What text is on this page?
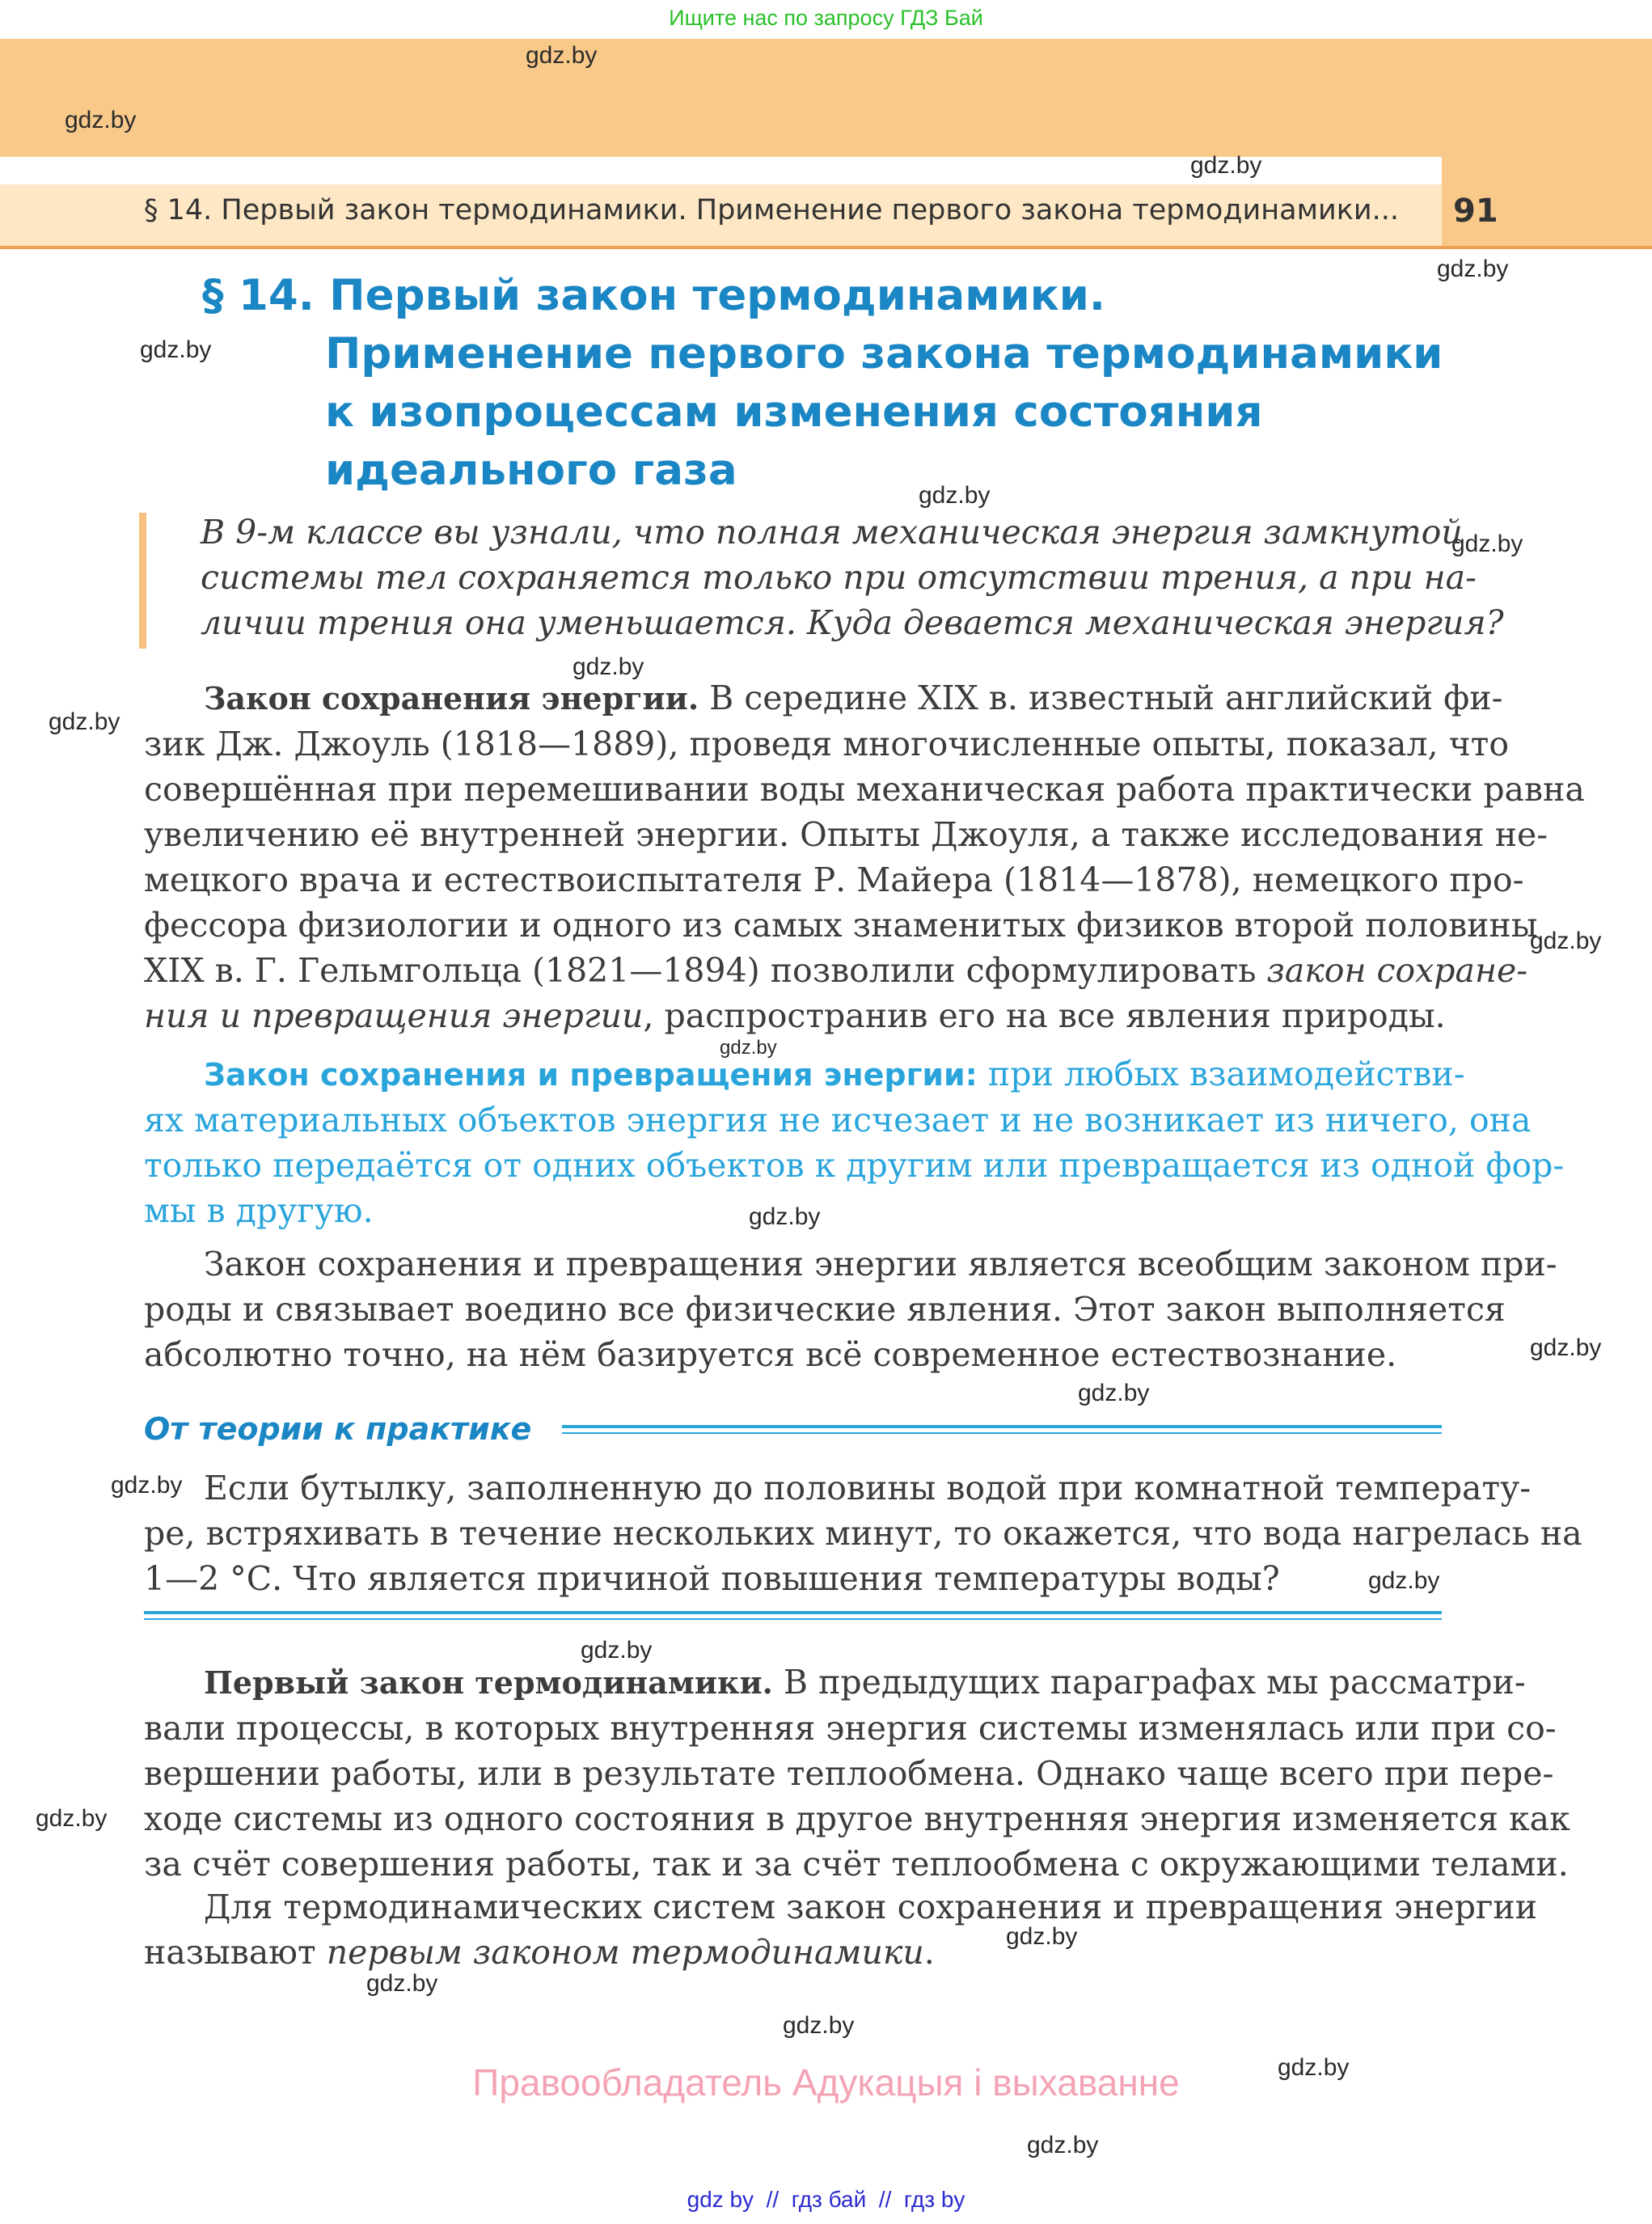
Ищите нас по запросу ГДЗ Бай
§ 14. Первый закон термодинамики. Применение первого закона термодинамики...	91
gdz.by
gdz.by
gdz.by
gdz.by
gdz.by
gdz.by
gdz.by
gdz.by
gdz.by
gdz.by
gdz.by
gdz.by
gdz.by
gdz.by
gdz.by
gdz.by
gdz.by
gdz.by
gdz.by
gdz.by
gdz.by
gdz.by
gdz.by
§ 14. Первый закон термодинамики.
Применение первого закона термодинамики
к изопроцессам изменения состояния
идеального газа
В 9-м классе вы узнали, что полная механическая энергия замкнутой
системы тел сохраняется только при отсутствии трения, а при на-
личии трения она уменьшается. Куда девается механическая энергия?
Закон сохранения энергии. В середине XIX в. известный английский фи-
зик Дж. Джоуль (1818—1889), проведя многочисленные опыты, показал, что
совершённая при перемешивании воды механическая работа практически равна
увеличению её внутренней энергии. Опыты Джоуля, а также исследования не-
мецкого врача и естествоиспытателя Р. Майера (1814—1878), немецкого про-
фессора физиологии и одного из самых знаменитых физиков второй половины
XIX в. Г. Гельмгольца (1821—1894) позволили сформулировать закон сохране-
ния и превращения энергии, распространив его на все явления природы.
Закон сохранения и превращения энергии: при любых взаимодействи-
ях материальных объектов энергия не исчезает и не возникает из ничего, она
только передаётся от одних объектов к другим или превращается из одной фор-
мы в другую.
Закон сохранения и превращения энергии является всеобщим законом при-
роды и связывает воедино все физические явления. Этот закон выполняется
абсолютно точно, на нём базируется всё современное естествознание.
От теории к практике
Если бутылку, заполненную до половины водой при комнатной температу-
ре, встряхивать в течение нескольких минут, то окажется, что вода нагрелась на
1—2 °С. Что является причиной повышения температуры воды?
Первый закон термодинамики. В предыдущих параграфах мы рассматри-
вали процессы, в которых внутренняя энергия системы изменялась или при со-
вершении работы, или в результате теплообмена. Однако чаще всего при пере-
ходе системы из одного состояния в другое внутренняя энергия изменяется как
за счёт совершения работы, так и за счёт теплообмена с окружающими телами.
Для термодинамических систем закон сохранения и превращения энергии
называют первым законом термодинамики.
Правообладатель Адукацыя і выхаванне
gdz by  //  гдз бай  //  гдз by
